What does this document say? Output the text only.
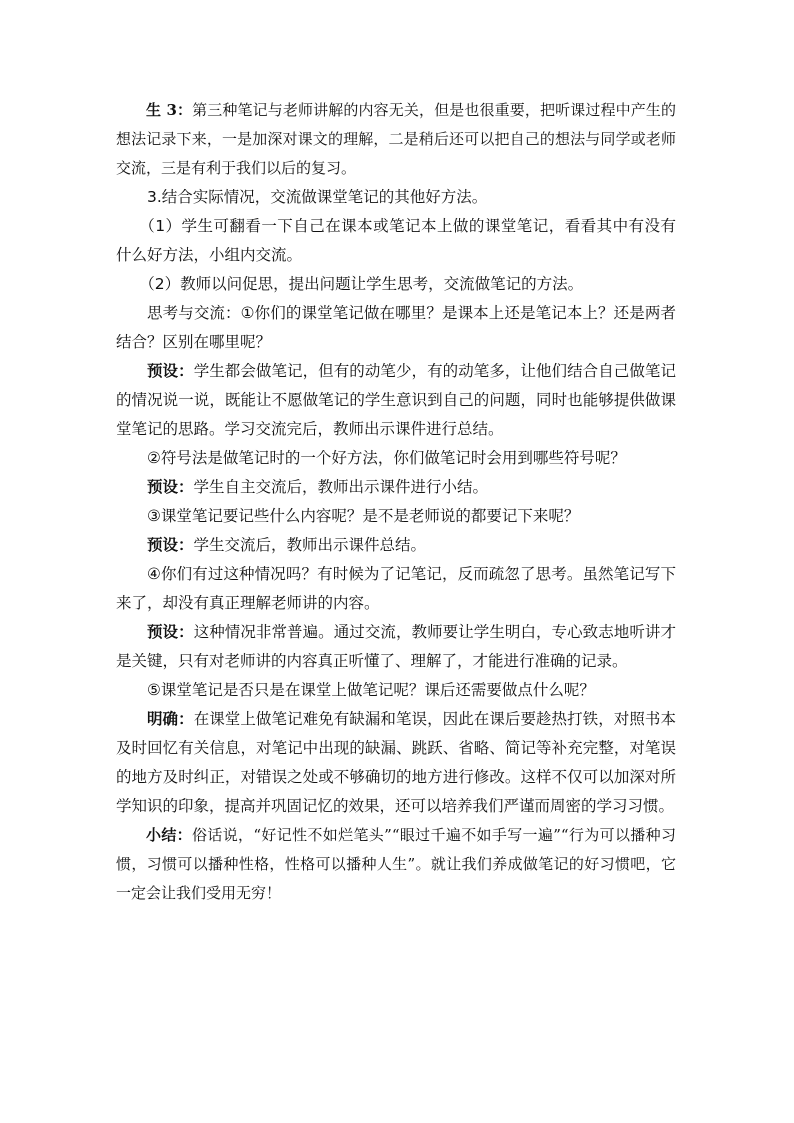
生 3：第三种笔记与老师讲解的内容无关，但是也很重要，把听课过程中产生的想法记录下来，一是加深对课文的理解，二是稍后还可以把自己的想法与同学或老师交流，三是有利于我们以后的复习。

3.结合实际情况，交流做课堂笔记的其他好方法。

（1）学生可翻看一下自己在课本或笔记本上做的课堂笔记，看看其中有没有什么好方法，小组内交流。

（2）教师以问促思，提出问题让学生思考，交流做笔记的方法。

思考与交流：①你们的课堂笔记做在哪里？是课本上还是笔记本上？还是两者结合？区别在哪里呢？

预设：学生都会做笔记，但有的动笔少，有的动笔多，让他们结合自己做笔记的情况说一说，既能让不愿做笔记的学生意识到自己的问题，同时也能够提供做课堂笔记的思路。学习交流完后，教师出示课件进行总结。

②符号法是做笔记时的一个好方法，你们做笔记时会用到哪些符号呢？

预设：学生自主交流后，教师出示课件进行小结。

③课堂笔记要记些什么内容呢？是不是老师说的都要记下来呢？

预设：学生交流后，教师出示课件总结。

④你们有过这种情况吗？有时候为了记笔记，反而疏忽了思考。虽然笔记写下来了，却没有真正理解老师讲的内容。

预设：这种情况非常普遍。通过交流，教师要让学生明白，专心致志地听讲才是关键，只有对老师讲的内容真正听懂了、理解了，才能进行准确的记录。

⑤课堂笔记是否只是在课堂上做笔记呢？课后还需要做点什么呢？

明确：在课堂上做笔记难免有缺漏和笔误，因此在课后要趁热打铁，对照书本及时回忆有关信息，对笔记中出现的缺漏、跳跃、省略、简记等补充完整，对笔误的地方及时纠正，对错误之处或不够确切的地方进行修改。这样不仅可以加深对所学知识的印象，提高并巩固记忆的效果，还可以培养我们严谨而周密的学习习惯。

小结：俗话说，“好记性不如烂笔头”“眼过千遍不如手写一遍”“行为可以播种习惯，习惯可以播种性格，性格可以播种人生”。就让我们养成做笔记的好习惯吧，它一定会让我们受用无穷！
